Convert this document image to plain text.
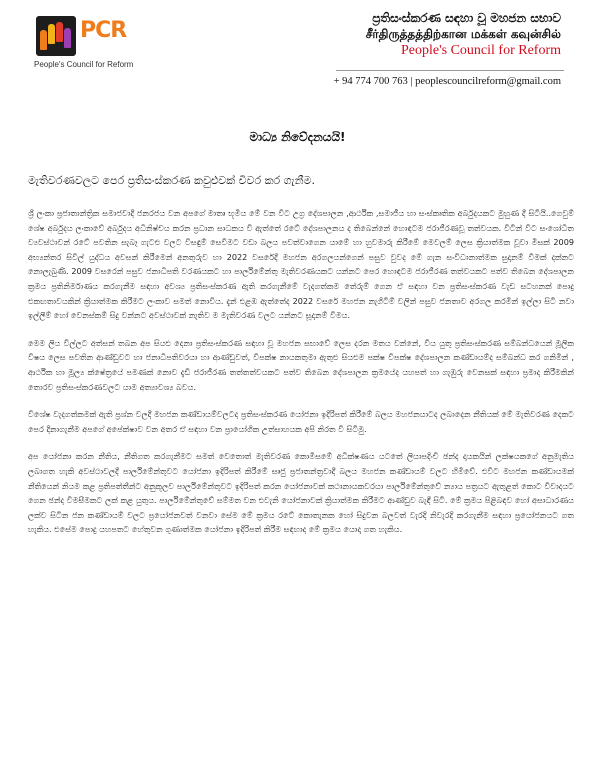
PCR
People's Council for Reform
ප්‍රතිසංස්කරණ සඳහා වූ මහජන සභාව
சீர்திருத்தத்திற்கான மக்கள் கவுன்சில்
People's Council for Reform
+ 94 774 700 763 | peoplescouncilreform@gmail.com
මාධ්‍ය නිවේදනයයි!
මැතිවරණවලට පෙර ප්‍රතිසංස්කරණ කවුළුවක් විවර කර ගැනීම.

ශ්‍රී ලංකා ප්‍රජාතාන්ත්‍රික සමාජවාදී ජනරජය වන අපගේ මාතෘ භූමිය මේ වන විට උග්‍ර දේශපාලන ,ආර්ථික ,සමාජීය හා සංස්කෘතික අර්බුදයකට මුහුණ දී සිටියි..ගෙවුම් ශේෂ අර්බුදය ලංකාවේ අර්බුදය අධිනිෂ්චය කරන ප්‍රධාන සාධකය වී ඇත්තේ රටේ දේශපාලනය ද තිබෙන්නේ හොඳටම ජරාජීරණවූ තත්වයක. විටින් විට සංශෝධිත ව්‍යවස්ථාවන් රටේ පවතින සැබෑ ගැටළු වලට විසඳුම් සෙවීමට වඩා බලය පවත්වාගෙන යාමේ හා හුවමාරු කිරීමේ මෙවලම් ලෙස ක්‍රියාත්මක වූවා මිසක් 2009 අභ්‍යන්තර සිවිල් යුද්ධය අවසන් කිරීමෙන් අනතුරුව හා 2022 වසරේදී මහජන අරගලයන්ගෙන් පසුව වුවද මේ ගැන සංවිධානාත්මක සුදානම් වීමක් දක්නට නොලැබුණි. 2009 වසරෙන් පසුව ජනාධිපති වරණයකට හා පාර්ලිමේන්තු මැතිවරණයකට යන්නට පෙර හොඳටම ජරාජීරණ තත්වයකට පත්ව තිබෙන දේශපාලන ක්‍රමය ප්‍රතිනිර්මාණය කරගැනීම සඳහා අවශ්‍ය ප්‍රතිසංස්කරණ ඇති කරගැනීමේ වැදගත්කම තේරුම් ගෙන ඒ සඳහා වන ප්‍රතිසංස්කරණ වැඩ සටහනක් පොදු එකඟතාවයකින් ක්‍රියාත්මක කිරීමට ලංකාව සමත් නොවිය. දැන් එළඹ ඇත්තේද 2022 වසරේ මහජන නැගිටීම් වලින් පසුව ජනතාව අරගල කරමින් ඉල්ලා සිටි නවා ඉල්ලීම් හෝ වෙනස්කම් සිදු වන්නට අවස්ථාවක් නැතිව ම මැතිවරණ වලට යන්නට සූදානම් වීමය.

මෙම ලිය විල්ලට අත්සන් තබන අප සියළු දෙනා ප්‍රතිසංස්කරණ සඳහා වූ මහජන සභාවේ ලෙස දරන මතය වන්නේ, වීය යුතු ප්‍රතිසංස්කරණ සම්බන්ධයෙන් මූලික විෂය ලෙස පවතින ආණ්ඩුවට හා ජනාධිපතිවරයා හා ආණ්ඩුවත්, විපක්ෂ නායකතුමා ඇතුළු සියළුම පක්ෂ විපක්ෂ දේශපාලන කණ්ඩායම්ද සම්බන්ධ කර ගනිමින් , ආර්ථික හා මූල්‍ය ක්ෂේත්‍රයේ පමණක් නොව දැඩි ජරාජීරණ තත්තත්වයකට පත්ව තිබෙන දේශපාලන ක්‍රමයේද යහපත් හා ගැඹුරු වෙනසක් සඳහා ප්‍රමාද කිරීමකින් තොරව ප්‍රතිසංස්කරණවලට යාම අත්‍යාවශ්‍ය බවය.

විශේෂ වැදගත්කමක් ඇති ප්‍රශ්න වලදී මහජන කණ්ඩායම්වලටද ප්‍රතිසංස්කරණ යෝජනා ඉදිරිපත් කිරීමේ බලය මහජනයාටද ලබාදෙන නීතියක් මේ මැතිවරණ දෙකට පෙර දිනාගැනීම අපගේ අපේක්ෂාව වන අතර ඒ සඳහා වන ප්‍රායෝගික උත්සාහයක අපි නිරත වී සිටිමු.

අප යෝජනා කරන නීතිය, නීතිගත කරගැනීමට සමත් වෙතොත් මැතිවරණ කොමිසමේ අධීක්ෂණය යටතේ ලියාපදිංචි ඡන්ද දායකයින් ලක්ෂයකගේ අනුමැතිය ලබාගත හැකි අවස්ථාවලදී පාර්ලිමේන්තුවට යෝජනා ඉදිරිපත් කිරීමේ සෘජු ප්‍රජාතන්ත්‍රවාදී බලය මහජන කණ්ඩායම් වලට හිමිවේ. එවිට මහජන කණ්ඩායමක් නීතියෙන් නියම කළ ප්‍රතිපත්තීන්ට අනුකූලව පාර්ලිමේන්තුවට ඉදිරිපත් කරන යෝජනාවක් කථානායකවරයා පාර්ලිමේන්තුවේ න්‍යාය පත්‍රයට ඇතුළත් කොට විවාදයට ගෙන ඡන්ද විමසීමකට ලක් කළ යුතුය. පාර්ලිමේන්තුවේ සම්මත වන එවැනි යෝජනාවක් ක්‍රියාත්මක කිරීමට ආණ්ඩුව බැඳී සිටී. මේ ක්‍රමය පිළිබඳව හෝ අසාධාරණය ලක්ව සිටින ජන කණ්ඩායම් වලට ප්‍රයෝජනවත් වනවා සේම මේ ක්‍රමය රටේ කොතැනක හෝ සිදුවන බලවත් වැරදි නිවැරදි කරගැනීම සඳහා ප්‍රයෝජනයට ගත හැකිය. එසේම පොදු යහපතට හේතුවන ගුණාත්මක යෝජනා ඉදිරිපත් කිරීම සඳහාද මේ ක්‍රමය යොදා ගත හැකිය.
